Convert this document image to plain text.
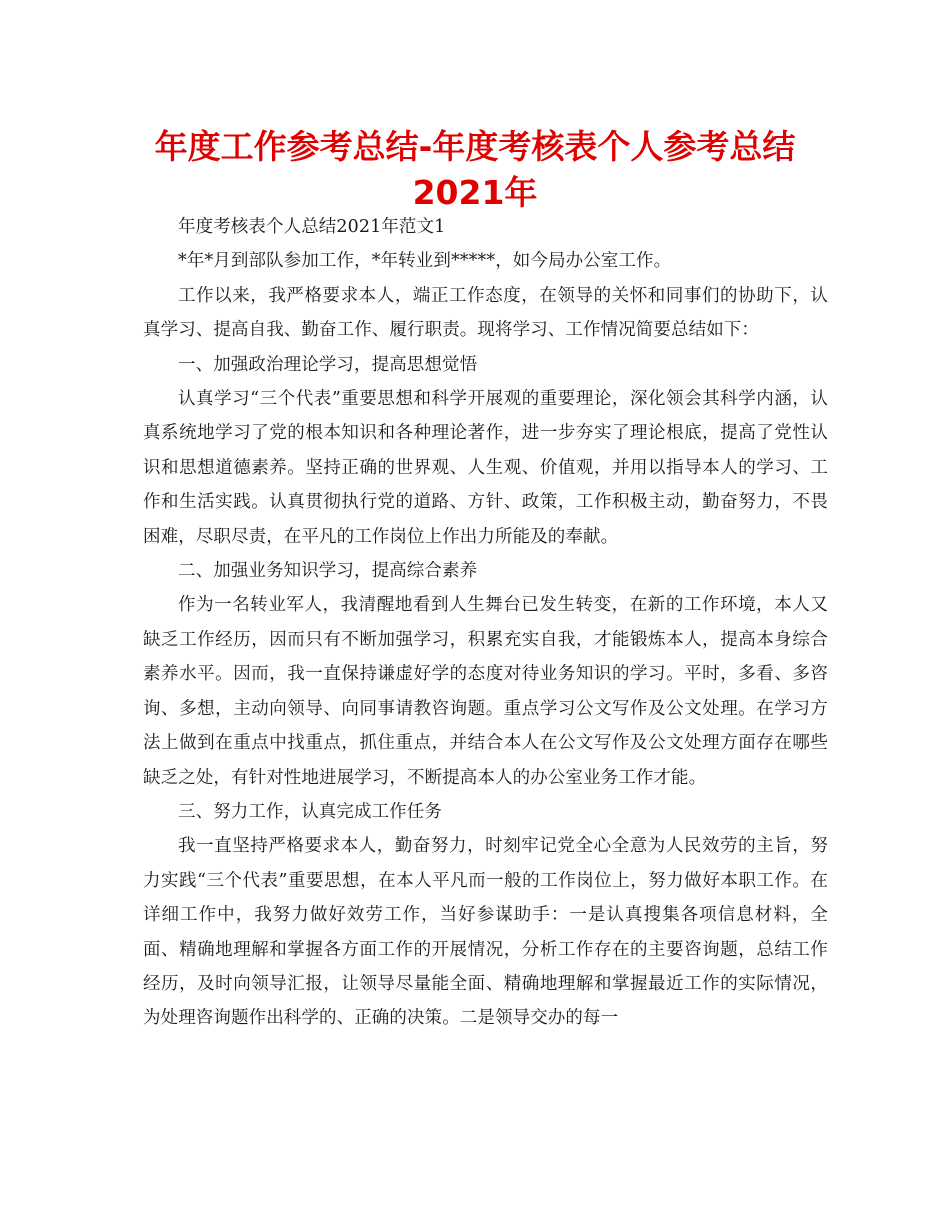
年度工作参考总结-年度考核表个人参考总结
2021年

年度考核表个人总结2021年范文1

*年*月到部队参加工作，*年转业到*****，如今局办公室工作。

工作以来，我严格要求本人，端正工作态度，在领导的关怀和同事们的协助下，认真学习、提高自我、勤奋工作、履行职责。现将学习、工作情况简要总结如下：

一、加强政治理论学习，提高思想觉悟

认真学习“三个代表”重要思想和科学开展观的重要理论，深化领会其科学内涵，认真系统地学习了党的根本知识和各种理论著作，进一步夯实了理论根底，提高了党性认识和思想道德素养。坚持正确的世界观、人生观、价值观，并用以指导本人的学习、工作和生活实践。认真贯彻执行党的道路、方针、政策，工作积极主动，勤奋努力，不畏困难，尽职尽责，在平凡的工作岗位上作出力所能及的奉献。

二、加强业务知识学习，提高综合素养

作为一名转业军人，我清醒地看到人生舞台已发生转变，在新的工作环境，本人又缺乏工作经历，因而只有不断加强学习，积累充实自我，才能锻炼本人，提高本身综合素养水平。因而，我一直保持谦虚好学的态度对待业务知识的学习。平时，多看、多咨询、多想，主动向领导、向同事请教咨询题。重点学习公文写作及公文处理。在学习方法上做到在重点中找重点，抓住重点，并结合本人在公文写作及公文处理方面存在哪些缺乏之处，有针对性地进展学习，不断提高本人的办公室业务工作才能。

三、努力工作，认真完成工作任务

我一直坚持严格要求本人，勤奋努力，时刻牢记党全心全意为人民效劳的主旨，努力实践“三个代表”重要思想，在本人平凡而一般的工作岗位上，努力做好本职工作。在详细工作中，我努力做好效劳工作，当好参谋助手：一是认真搜集各项信息材料，全面、精确地理解和掌握各方面工作的开展情况，分析工作存在的主要咨询题，总结工作经历，及时向领导汇报，让领导尽量能全面、精确地理解和掌握最近工作的实际情况，为处理咨询题作出科学的、正确的决策。二是领导交办的每一
